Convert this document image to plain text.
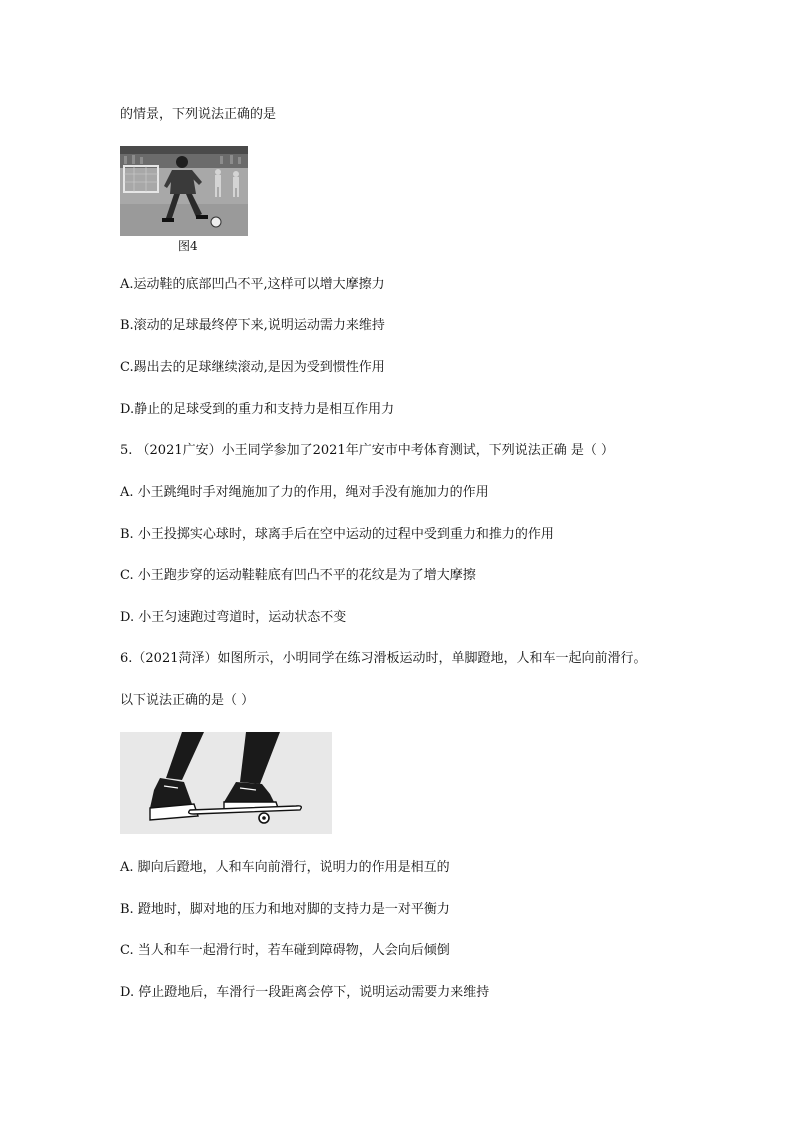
的情景，下列说法正确的是
图4
A.运动鞋的底部凹凸不平,这样可以增大摩擦力
B.滚动的足球最终停下来,说明运动需力来维持
C.踢出去的足球继续滚动,是因为受到惯性作用
D.静止的足球受到的重力和支持力是相互作用力
5. （2021广安）小王同学参加了2021年广安市中考体育测试，下列说法正确 是（ ）
A. 小王跳绳时手对绳施加了力的作用，绳对手没有施加力的作用
B. 小王投掷实心球时，球离手后在空中运动的过程中受到重力和推力的作用
C. 小王跑步穿的运动鞋鞋底有凹凸不平的花纹是为了增大摩擦
D. 小王匀速跑过弯道时，运动状态不变
6.（2021菏泽）如图所示，小明同学在练习滑板运动时，单脚蹬地，人和车一起向前滑行。
以下说法正确的是（ ）
A. 脚向后蹬地，人和车向前滑行，说明力的作用是相互的
B. 蹬地时，脚对地的压力和地对脚的支持力是一对平衡力
C. 当人和车一起滑行时，若车碰到障碍物，人会向后倾倒
D. 停止蹬地后，车滑行一段距离会停下，说明运动需要力来维持
